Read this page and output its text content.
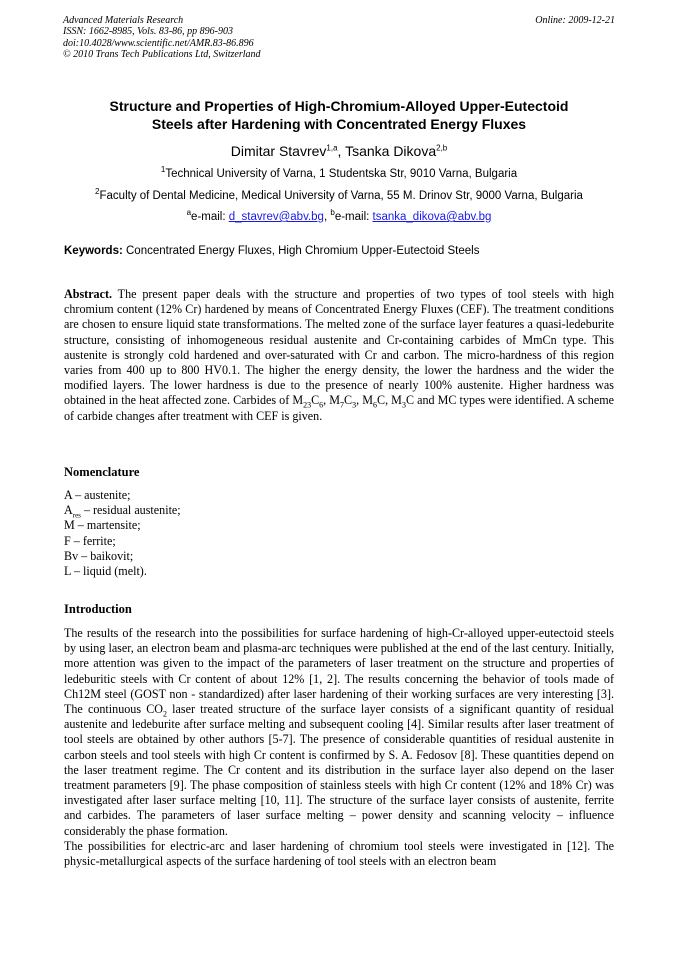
Advanced Materials Research
ISSN: 1662-8985, Vols. 83-86, pp 896-903
doi:10.4028/www.scientific.net/AMR.83-86.896
© 2010 Trans Tech Publications Ltd, Switzerland
Online: 2009-12-21
Structure and Properties of High-Chromium-Alloyed Upper-Eutectoid
Steels after Hardening with Concentrated Energy Fluxes
Dimitar Stavrev$^{1,a}$, Tsanka Dikova$^{2,b}$
$^1$Technical University of Varna, 1 Studentska Str, 9010 Varna, Bulgaria
$^2$Faculty of Dental Medicine, Medical University of Varna, 55 M. Drinov Str, 9000 Varna, Bulgaria
$^a$e-mail: d_stavrev@abv.bg, $^b$e-mail: tsanka_dikova@abv.bg
Keywords: Concentrated Energy Fluxes, High Chromium Upper-Eutectoid Steels
Abstract. The present paper deals with the structure and properties of two types of tool steels with high chromium content (12% Cr) hardened by means of Concentrated Energy Fluxes (CEF). The treatment conditions are chosen to ensure liquid state transformations. The melted zone of the surface layer features a quasi-ledeburite structure, consisting of inhomogeneous residual austenite and Cr-containing carbides of MmCn type. This austenite is strongly cold hardened and over-saturated with Cr and carbon. The micro-hardness of this region varies from 400 up to 800 HV0.1. The higher the energy density, the lower the hardness and the wider the modified layers. The lower hardness is due to the presence of nearly 100% austenite. Higher hardness was obtained in the heat affected zone. Carbides of $M_{23}C_6$, $M_7C_3$, $M_6C$, $M_3C$ and MC types were identified. A scheme of carbide changes after treatment with CEF is given.
Nomenclature
A – austenite;
$A_{res}$ – residual austenite;
M – martensite;
F – ferrite;
Bv – baikovit;
L – liquid (melt).
Introduction

The results of the research into the possibilities for surface hardening of high-Cr-alloyed upper-eutectoid steels by using laser, an electron beam and plasma-arc techniques were published at the end of the last century. Initially, more attention was given to the impact of the parameters of laser treatment on the structure and properties of ledeburitic steels with Cr content of about 12% [1, 2]. The results concerning the behavior of tools made of Ch12M steel (GOST non - standardized) after laser hardening of their working surfaces are very interesting [3]. The continuous $CO_2$ laser treated structure of the surface layer consists of a significant quantity of residual austenite and ledeburite after surface melting and subsequent cooling [4]. Similar results after laser treatment of tool steels are obtained by other authors [5-7]. The presence of considerable quantities of residual austenite in carbon steels and tool steels with high Cr content is confirmed by S. A. Fedosov [8]. These quantities depend on the laser treatment regime. The Cr content and its distribution in the surface layer also depend on the laser treatment parameters [9]. The phase composition of stainless steels with high Cr content (12% and 18% Cr) was investigated after laser surface melting [10, 11]. The structure of the surface layer consists of austenite, ferrite and carbides. The parameters of laser surface melting – power density and scanning velocity – influence considerably the phase formation.

The possibilities for electric-arc and laser hardening of chromium tool steels were investigated in [12]. The physic-metallurgical aspects of the surface hardening of tool steels with an electron beam
